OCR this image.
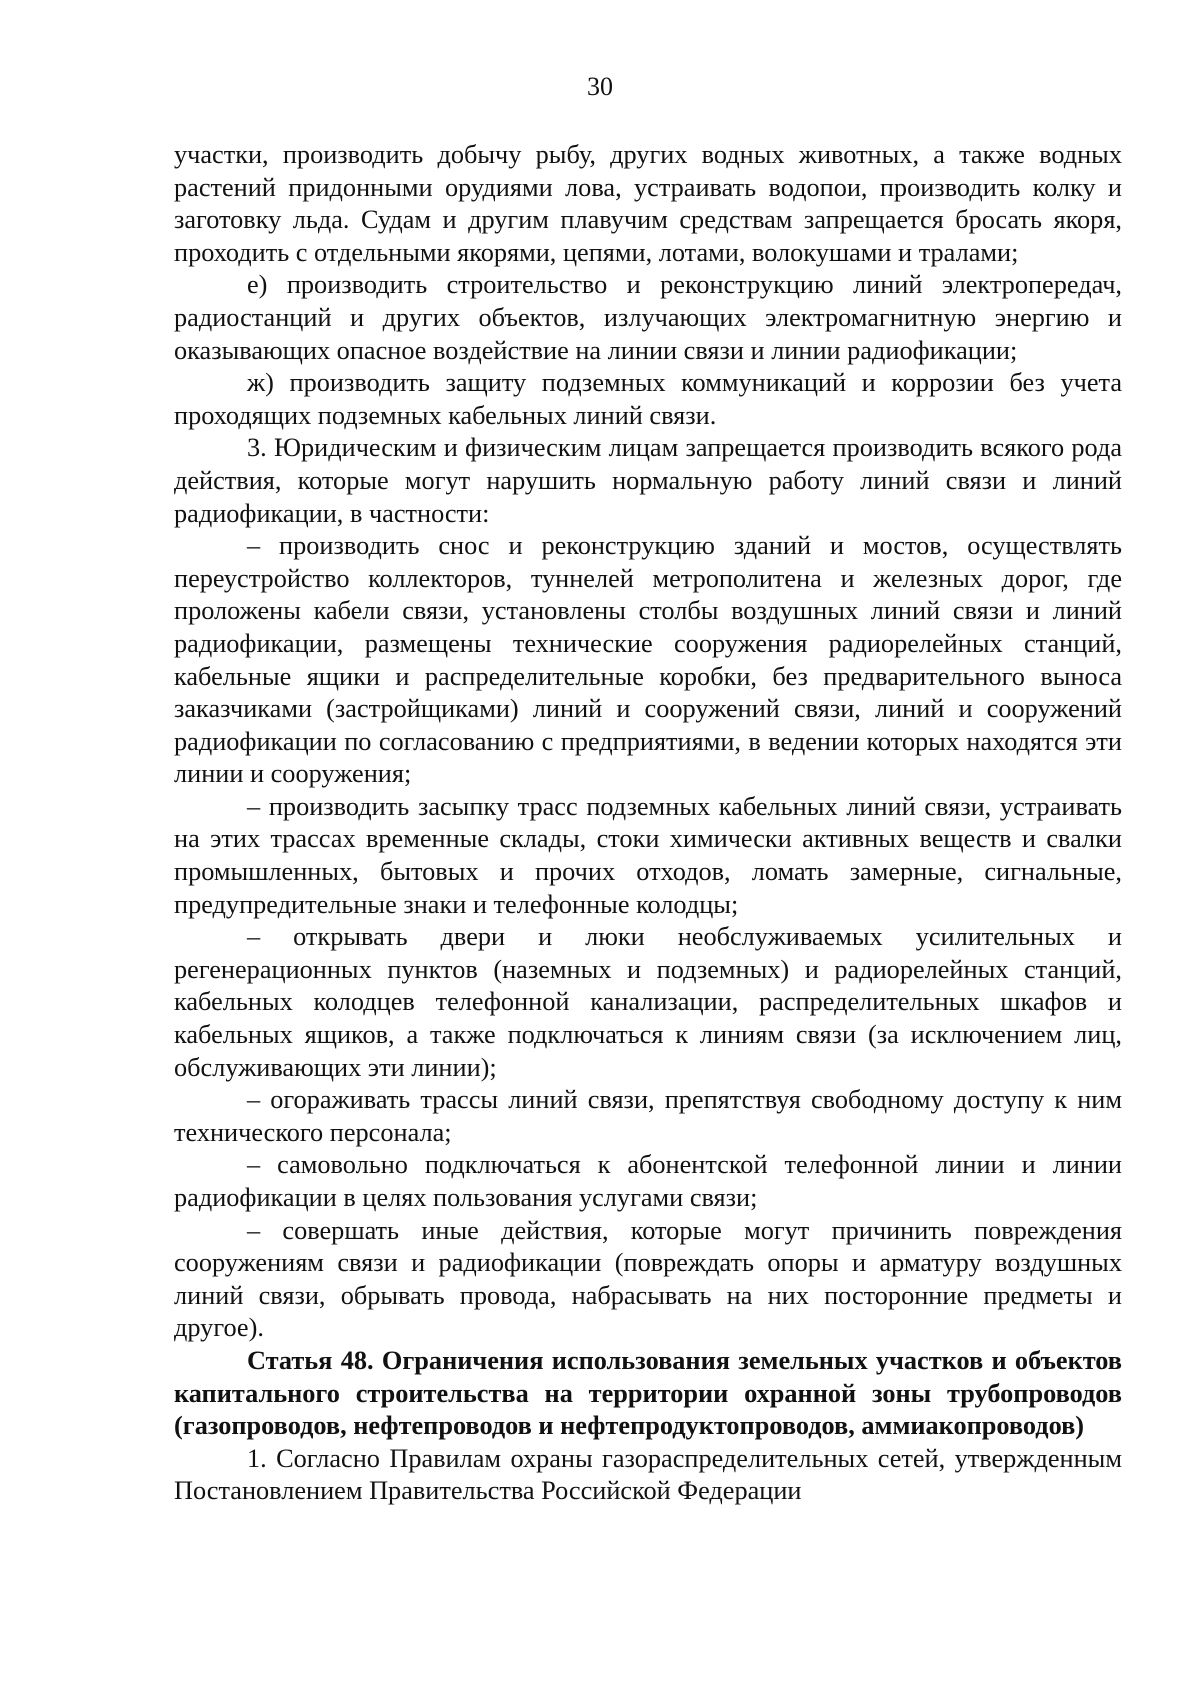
30

участки, производить добычу рыбу, других водных животных, а также водных растений придонными орудиями лова, устраивать водопои, производить колку и заготовку льда. Судам и другим плавучим средствам запрещается бросать якоря, проходить с отдельными якорями, цепями, лотами, волокушами и тралами;

е) производить строительство и реконструкцию линий электропередач, радиостанций и других объектов, излучающих электромагнитную энергию и оказывающих опасное воздействие на линии связи и линии радиофикации;

ж) производить защиту подземных коммуникаций и коррозии без учета проходящих подземных кабельных линий связи.

3. Юридическим и физическим лицам запрещается производить всякого рода действия, которые могут нарушить нормальную работу линий связи и линий радиофикации, в частности:

– производить снос и реконструкцию зданий и мостов, осуществлять переустройство коллекторов, туннелей метрополитена и железных дорог, где проложены кабели связи, установлены столбы воздушных линий связи и линий радиофикации, размещены технические сооружения радиорелейных станций, кабельные ящики и распределительные коробки, без предварительного выноса заказчиками (застройщиками) линий и сооружений связи, линий и сооружений радиофикации по согласованию с предприятиями, в ведении которых находятся эти линии и сооружения;

– производить засыпку трасс подземных кабельных линий связи, устраивать на этих трассах временные склады, стоки химически активных веществ и свалки промышленных, бытовых и прочих отходов, ломать замерные, сигнальные, предупредительные знаки и телефонные колодцы;

– открывать двери и люки необслуживаемых усилительных и регенерационных пунктов (наземных и подземных) и радиорелейных станций, кабельных колодцев телефонной канализации, распределительных шкафов и кабельных ящиков, а также подключаться к линиям связи (за исключением лиц, обслуживающих эти линии);

– огораживать трассы линий связи, препятствуя свободному доступу к ним технического персонала;

– самовольно подключаться к абонентской телефонной линии и линии радиофикации в целях пользования услугами связи;

– совершать иные действия, которые могут причинить повреждения сооружениям связи и радиофикации (повреждать опоры и арматуру воздушных линий связи, обрывать провода, набрасывать на них посторонние предметы и другое).

Статья 48. Ограничения использования земельных участков и объектов капитального строительства на территории охранной зоны трубопроводов (газопроводов, нефтепроводов и нефтепродуктопроводов, аммиакопроводов)

1. Согласно Правилам охраны газораспределительных сетей, утвержденным Постановлением Правительства Российской Федерации
